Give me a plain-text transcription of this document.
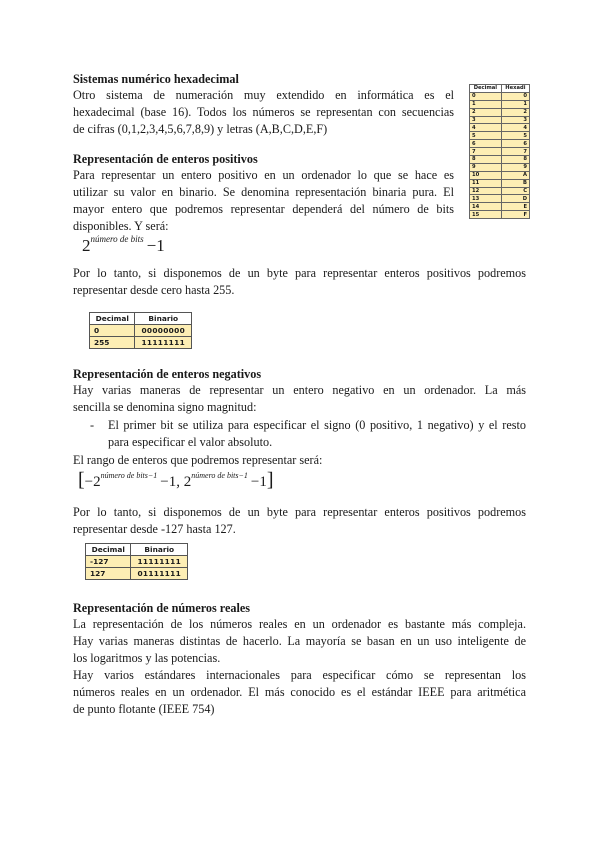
Sistemas numérico hexadecimal
Otro sistema de numeración muy extendido en informática es el
hexadecimal (base 16). Todos los números se representan con secuencias
de cifras (0,1,2,3,4,5,6,7,8,9) y letras (A,B,C,D,E,F)
Decimal	Hexadi
0	0
1	1
2	2
3	3
4	4
5	5
6	6
7	7
8	8
9	9
10	A
11	B
12	C
13	D
14	E
15	F
Representación de enteros positivos
Para representar un entero positivo en un ordenador lo que se hace es
utilizar su valor en binario. Se denomina representación binaria pura. El
mayor entero que podremos representar dependerá del número de bits
disponibles. Y será:
$2^{número de bits} -1$
Por lo tanto, si disponemos de un byte para representar enteros positivos podremos
representar desde cero hasta 255.
Decimal	Binario
0	00000000
255	11111111
Representación de enteros negativos
Hay varias maneras de representar un entero negativo en un ordenador. La más
sencilla se denomina signo magnitud:
- El primer bit se utiliza para especificar el signo (0 positivo, 1 negativo) y el resto
para especificar el valor absoluto.
El rango de enteros que podremos representar será:
[$-2^{número de bits-1} -1$, $2^{número de bits-1} -1$]
Por lo tanto, si disponemos de un byte para representar enteros positivos podremos
representar desde -127 hasta 127.
Decimal	Binario
-127	11111111
127	01111111
Representación de números reales
La representación de los números reales en un ordenador es bastante más compleja.
Hay varias maneras distintas de hacerlo. La mayoría se basan en un uso inteligente de
los logaritmos y las potencias.
Hay varios estándares internacionales para especificar cómo se representan los
números reales en un ordenador. El más conocido es el estándar IEEE para aritmética
de punto flotante (IEEE 754)
